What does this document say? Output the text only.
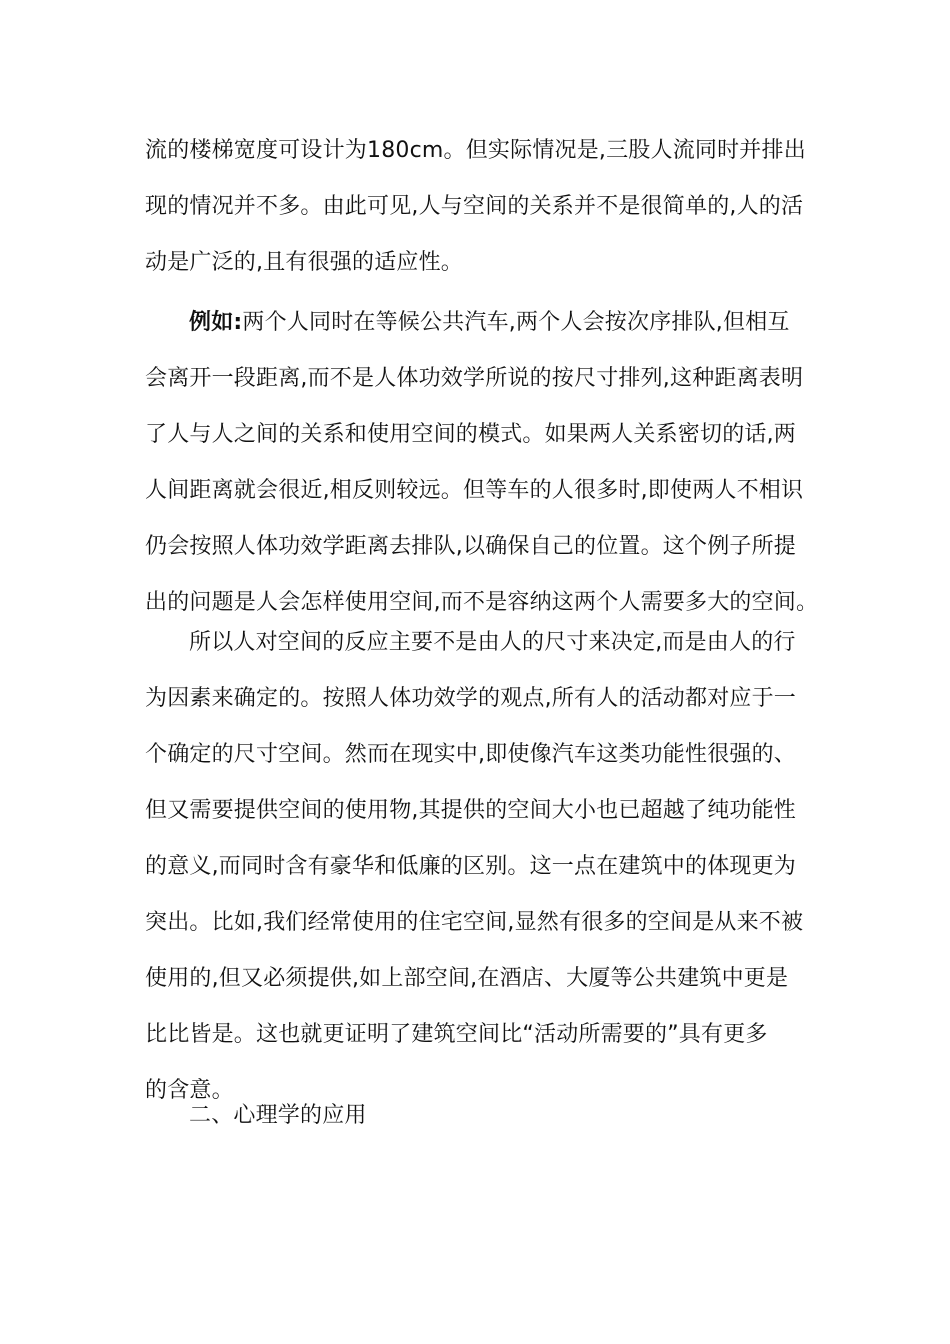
流的楼梯宽度可设计为180cm。但实际情况是,三股人流同时并排出
现的情况并不多。由此可见,人与空间的关系并不是很简单的,人的活
动是广泛的,且有很强的适应性。
例如:两个人同时在等候公共汽车,两个人会按次序排队,但相互
会离开一段距离,而不是人体功效学所说的按尺寸排列,这种距离表明
了人与人之间的关系和使用空间的模式。如果两人关系密切的话,两
人间距离就会很近,相反则较远。但等车的人很多时,即使两人不相识
仍会按照人体功效学距离去排队,以确保自己的位置。这个例子所提
出的问题是人会怎样使用空间,而不是容纳这两个人需要多大的空间。
所以人对空间的反应主要不是由人的尺寸来决定,而是由人的行
为因素来确定的。按照人体功效学的观点,所有人的活动都对应于一
个确定的尺寸空间。然而在现实中,即使像汽车这类功能性很强的、
但又需要提供空间的使用物,其提供的空间大小也已超越了纯功能性
的意义,而同时含有豪华和低廉的区别。这一点在建筑中的体现更为
突出。比如,我们经常使用的住宅空间,显然有很多的空间是从来不被
使用的,但又必须提供,如上部空间,在酒店、大厦等公共建筑中更是
比比皆是。这也就更证明了建筑空间比“活动所需要的”具有更多
的含意。
二、心理学的应用
